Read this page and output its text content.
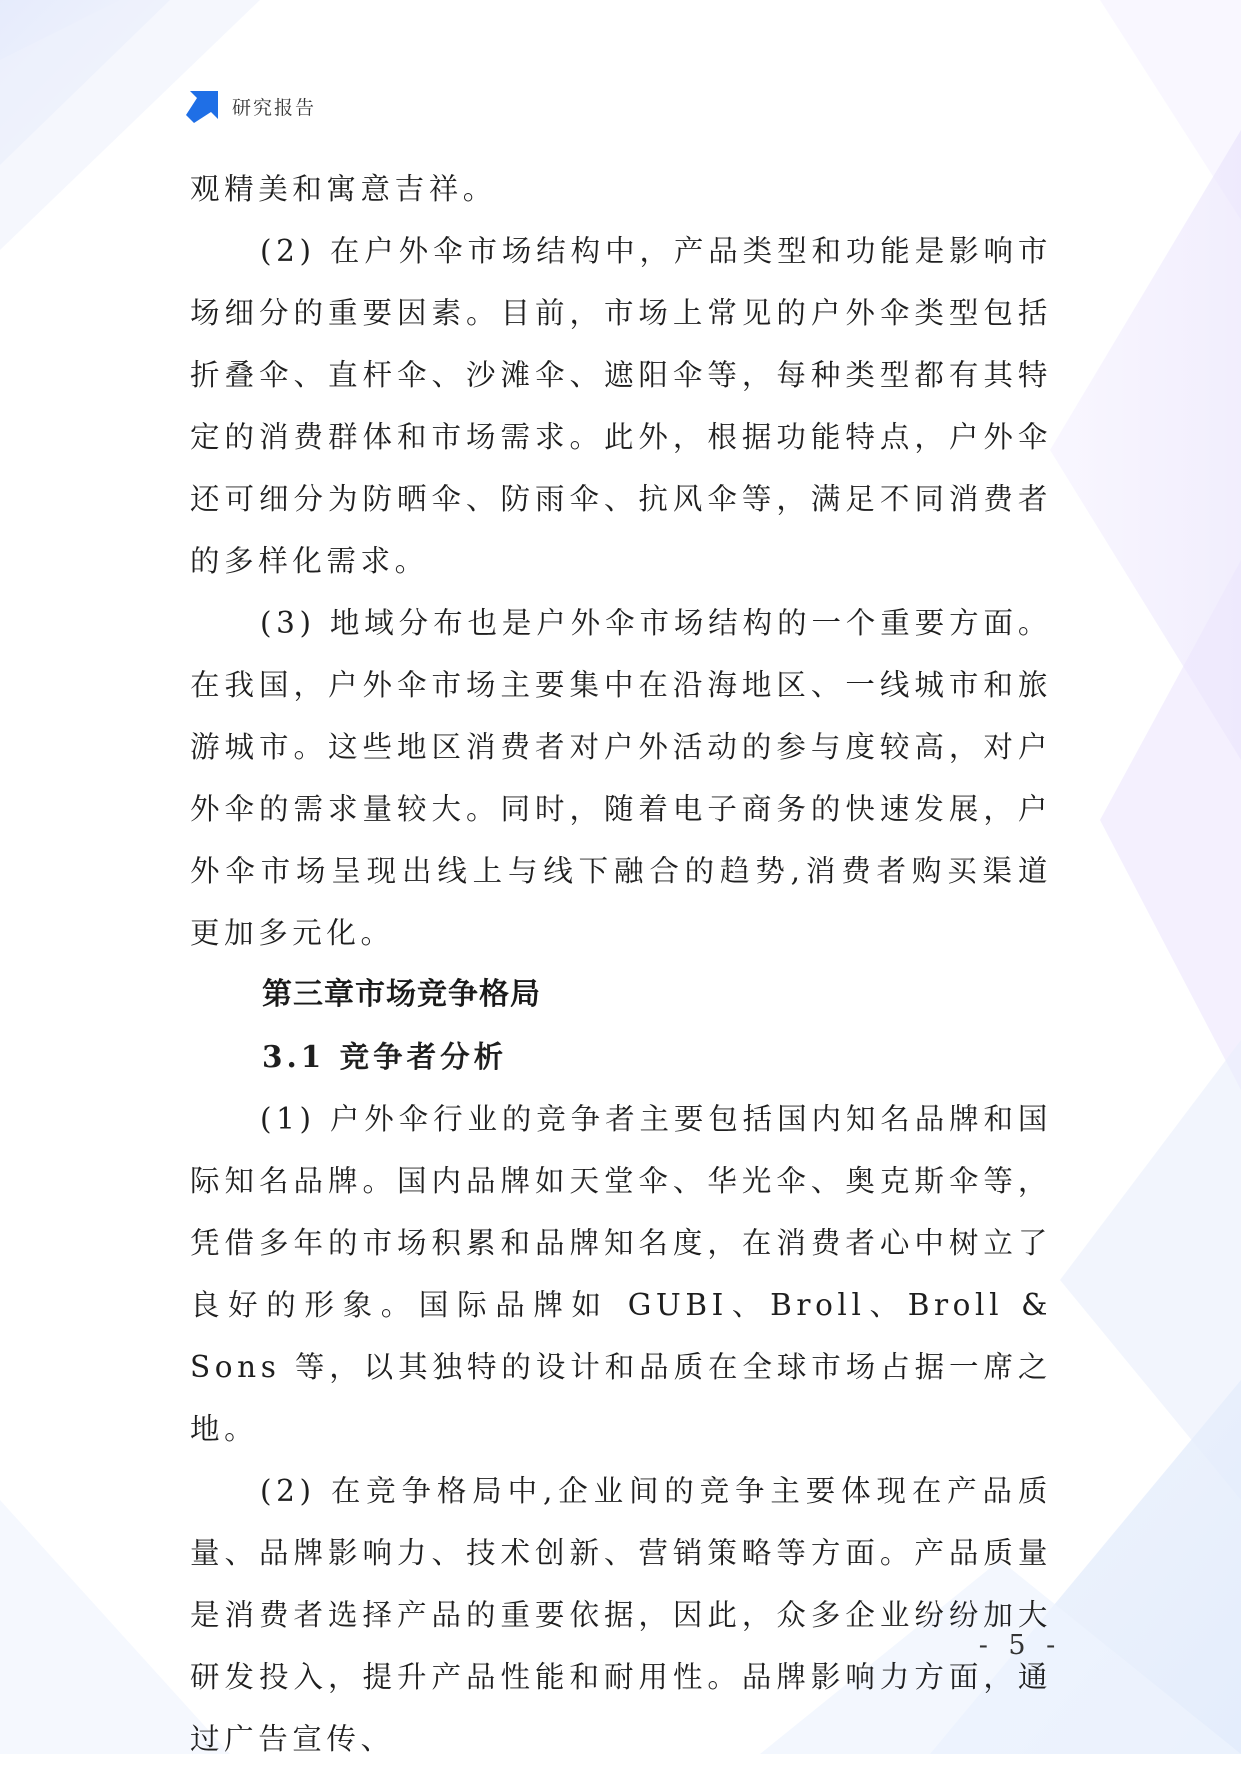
研究报告

观精美和寓意吉祥。

(2) 在户外伞市场结构中，产品类型和功能是影响市场细分的重要因素。目前，市场上常见的户外伞类型包括折叠伞、直杆伞、沙滩伞、遮阳伞等，每种类型都有其特定的消费群体和市场需求。此外，根据功能特点，户外伞还可细分为防晒伞、防雨伞、抗风伞等，满足不同消费者的多样化需求。

(3) 地域分布也是户外伞市场结构的一个重要方面。在我国，户外伞市场主要集中在沿海地区、一线城市和旅游城市。这些地区消费者对户外活动的参与度较高，对户外伞的需求量较大。同时，随着电子商务的快速发展，户外伞市场呈现出线上与线下融合的趋势,消费者购买渠道更加多元化。

第三章市场竞争格局
3.1 竞争者分析

(1) 户外伞行业的竞争者主要包括国内知名品牌和国际知名品牌。国内品牌如天堂伞、华光伞、奥克斯伞等，凭借多年的市场积累和品牌知名度，在消费者心中树立了良好的形象。国际品牌如 GUBI、Broll、Broll & Sons 等，以其独特的设计和品质在全球市场占据一席之地。

(2) 在竞争格局中,企业间的竞争主要体现在产品质量、品牌影响力、技术创新、营销策略等方面。产品质量是消费者选择产品的重要依据，因此，众多企业纷纷加大研发投入，提升产品性能和耐用性。品牌影响力方面，通过广告宣传、

- 5 -
